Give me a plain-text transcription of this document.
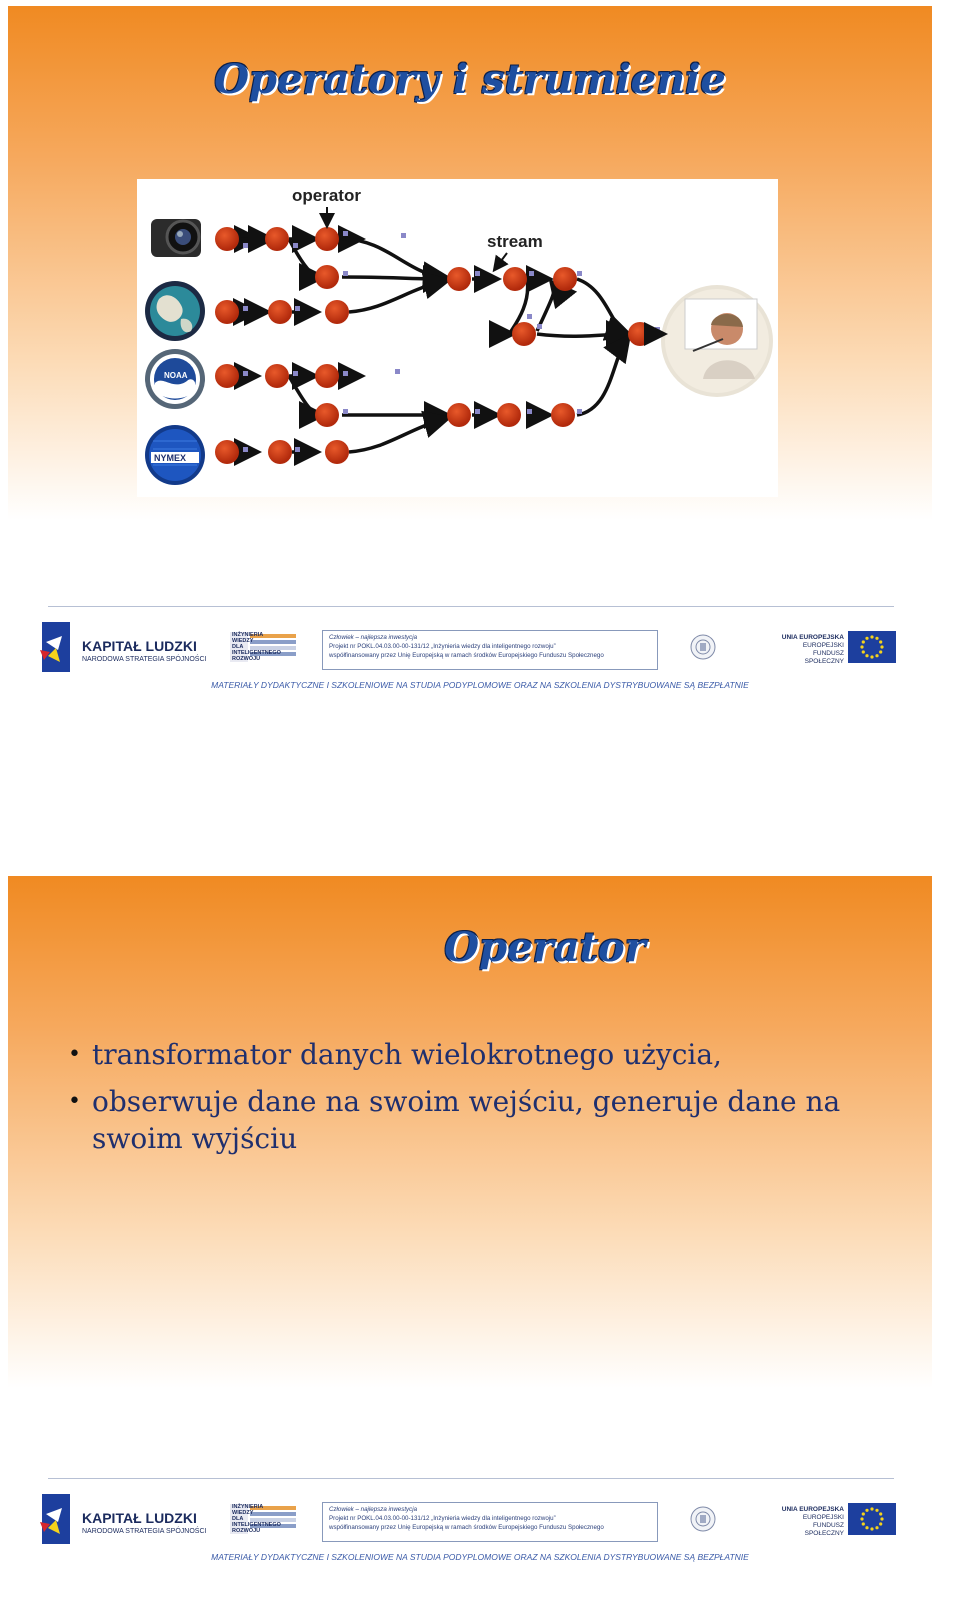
Operatory i strumienie
operator
stream
NOAA
NYMEX
KAPITAŁ LUDZKI
NARODOWA STRATEGIA SPÓJNOŚCI
INŻYNIERIA
WIEDZY
DLA
INTELIGENTNEGO
ROZWOJU
Człowiek – najlepsza inwestycja
Projekt nr POKL.04.03.00-00-131/12 „Inżynieria wiedzy dla inteligentnego rozwoju”
współfinansowany przez Unię Europejską w ramach środków Europejskiego Funduszu Społecznego
UNIA EUROPEJSKA
EUROPEJSKI
FUNDUSZ SPOŁECZNY
MATERIAŁY DYDAKTYCZNE I SZKOLENIOWE NA STUDIA PODYPLOMOWE ORAZ NA SZKOLENIA DYSTRYBUOWANE SĄ BEZPŁATNIE
Operator
• transformator danych wielokrotnego użycia,
• obserwuje dane na swoim wejściu, generuje dane na swoim wyjściu
KAPITAŁ LUDZKI
NARODOWA STRATEGIA SPÓJNOŚCI
INŻYNIERIA
WIEDZY
DLA
INTELIGENTNEGO
ROZWOJU
Człowiek – najlepsza inwestycja
Projekt nr POKL.04.03.00-00-131/12 „Inżynieria wiedzy dla inteligentnego rozwoju”
współfinansowany przez Unię Europejską w ramach środków Europejskiego Funduszu Społecznego
UNIA EUROPEJSKA
EUROPEJSKI
FUNDUSZ SPOŁECZNY
MATERIAŁY DYDAKTYCZNE I SZKOLENIOWE NA STUDIA PODYPLOMOWE ORAZ NA SZKOLENIA DYSTRYBUOWANE SĄ BEZPŁATNIE
